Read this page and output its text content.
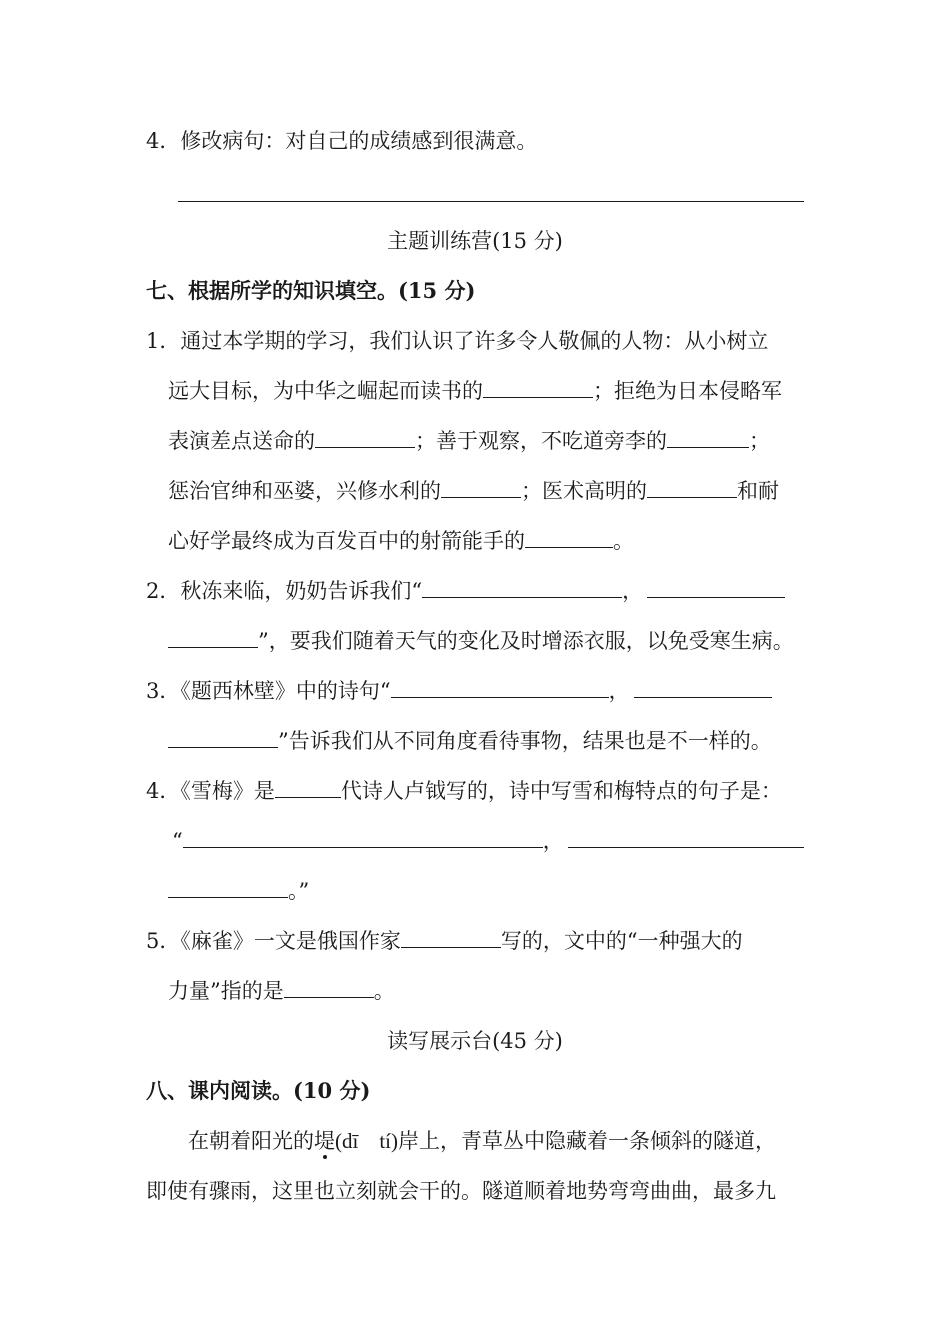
4．修改病句：对自己的成绩感到很满意。

主题训练营(15 分)

七、根据所学的知识填空。(15 分)

1．通过本学期的学习，我们认识了许多令人敬佩的人物：从小树立

远大目标，为中华之崛起而读书的	；拒绝为日本侵略军

表演差点送命的	；善于观察，不吃道旁李的	；

惩治官绅和巫婆，兴修水利的	；医术高明的	和耐

心好学最终成为百发百中的射箭能手的	。

2．秋冻来临，奶奶告诉我们“	，

”，要我们随着天气的变化及时增添衣服，以免受寒生病。

3．《题西林壁》中的诗句“	，

”告诉我们从不同角度看待事物，结果也是不一样的。

4．《雪梅》是	代诗人卢钺写的，诗中写雪和梅特点的句子是：

“	，

。”

5．《麻雀》一文是俄国作家	写的，文中的“一种强大的

力量”指的是	。

读写展示台(45 分)

八、课内阅读。(10 分)

在朝着阳光的堤(dī　tí)岸上，青草丛中隐藏着一条倾斜的隧道，

即使有骤雨，这里也立刻就会干的。隧道顺着地势弯弯曲曲，最多九
